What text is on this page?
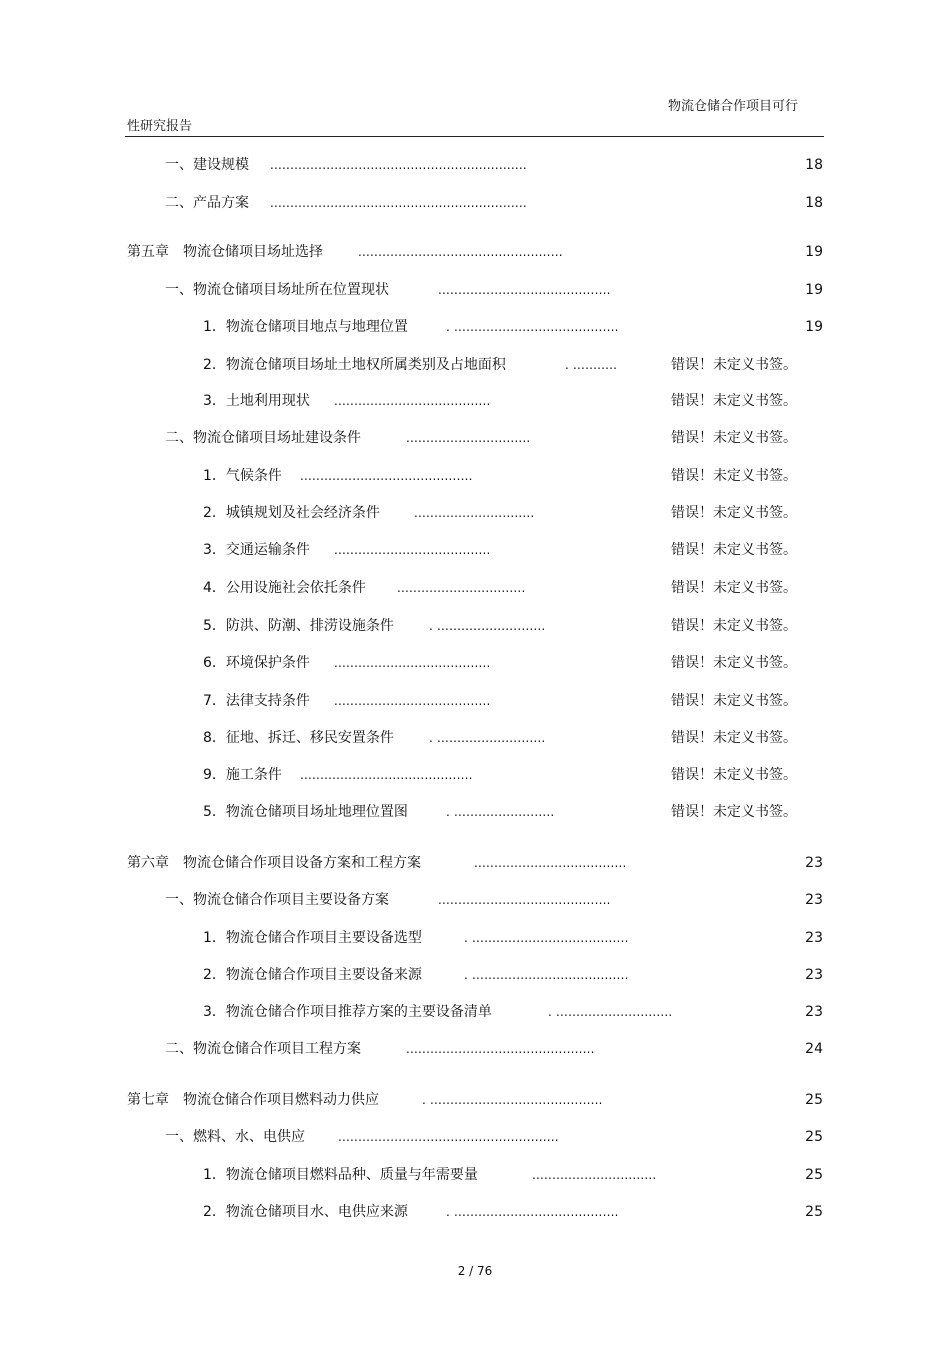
物流仓储合作项目可行
性研究报告
一、建设规模 ................................................................	18
二、产品方案 ................................................................	18
第五章　物流仓储项目场址选择	...................................................	19
一、物流仓储项目场址所在位置现状	...........................................	19
1．物流仓储项目地点与地理位置	. .........................................	19
2．物流仓储项目场址土地权所属类别及占地面积	. ...........	错误！未定义书签。
3．土地利用现状 .......................................	错误！未定义书签。
二、物流仓储项目场址建设条件	...............................	错误！未定义书签。
1．气候条件 ...........................................	错误！未定义书签。
2．城镇规划及社会经济条件	..............................	错误！未定义书签。
3．交通运输条件 .......................................	错误！未定义书签。
4．公用设施社会依托条件	................................	错误！未定义书签。
5．防洪、防潮、排涝设施条件	. ...........................	错误！未定义书签。
6．环境保护条件 .......................................	错误！未定义书签。
7．法律支持条件 .......................................	错误！未定义书签。
8．征地、拆迁、移民安置条件	. ...........................	错误！未定义书签。
9．施工条件 ...........................................	错误！未定义书签。
5．物流仓储项目场址地理位置图	. .........................	错误！未定义书签。
第六章　物流仓储合作项目设备方案和工程方案	......................................	23
一、物流仓储合作项目主要设备方案	...........................................	23
1．物流仓储合作项目主要设备选型	. .......................................	23
2．物流仓储合作项目主要设备来源	. .......................................	23
3．物流仓储合作项目推荐方案的主要设备清单	. .............................	23
二、物流仓储合作项目工程方案	...............................................	24
第七章　物流仓储合作项目燃料动力供应	. ...........................................	25
一、燃料、水、电供应	.......................................................	25
1．物流仓储项目燃料品种、质量与年需要量	...............................	25
2．物流仓储项目水、电供应来源	. .........................................	25
2 / 76
